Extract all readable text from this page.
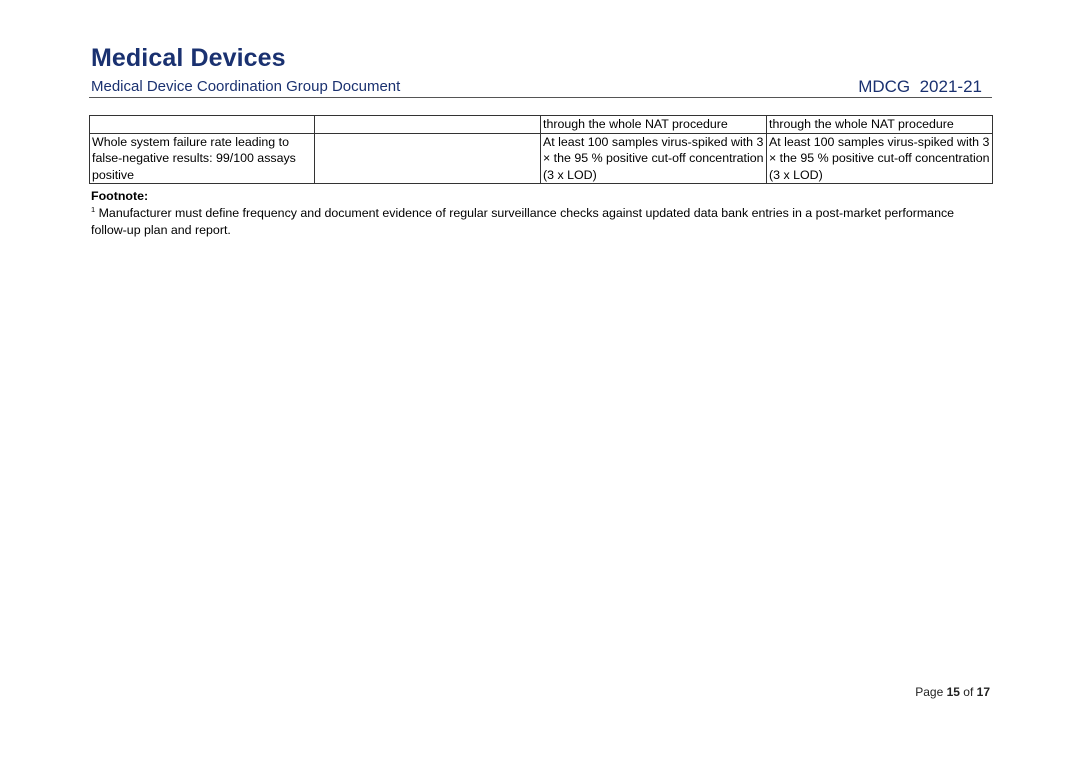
Medical Devices
Medical Device Coordination Group Document	MDCG  2021-21
		through the whole NAT procedure	through the whole NAT procedure
Whole system failure rate leading to false-negative results: 99/100 assays positive		At least 100 samples virus-spiked with 3 × the 95 % positive cut-off concentration (3 x LOD)	At least 100 samples virus-spiked with 3 × the 95 % positive cut-off concentration (3 x LOD)
Footnote:
$^1$ Manufacturer must define frequency and document evidence of regular surveillance checks against updated data bank entries in a post-market performance follow-up plan and report.
Page 15 of 17
